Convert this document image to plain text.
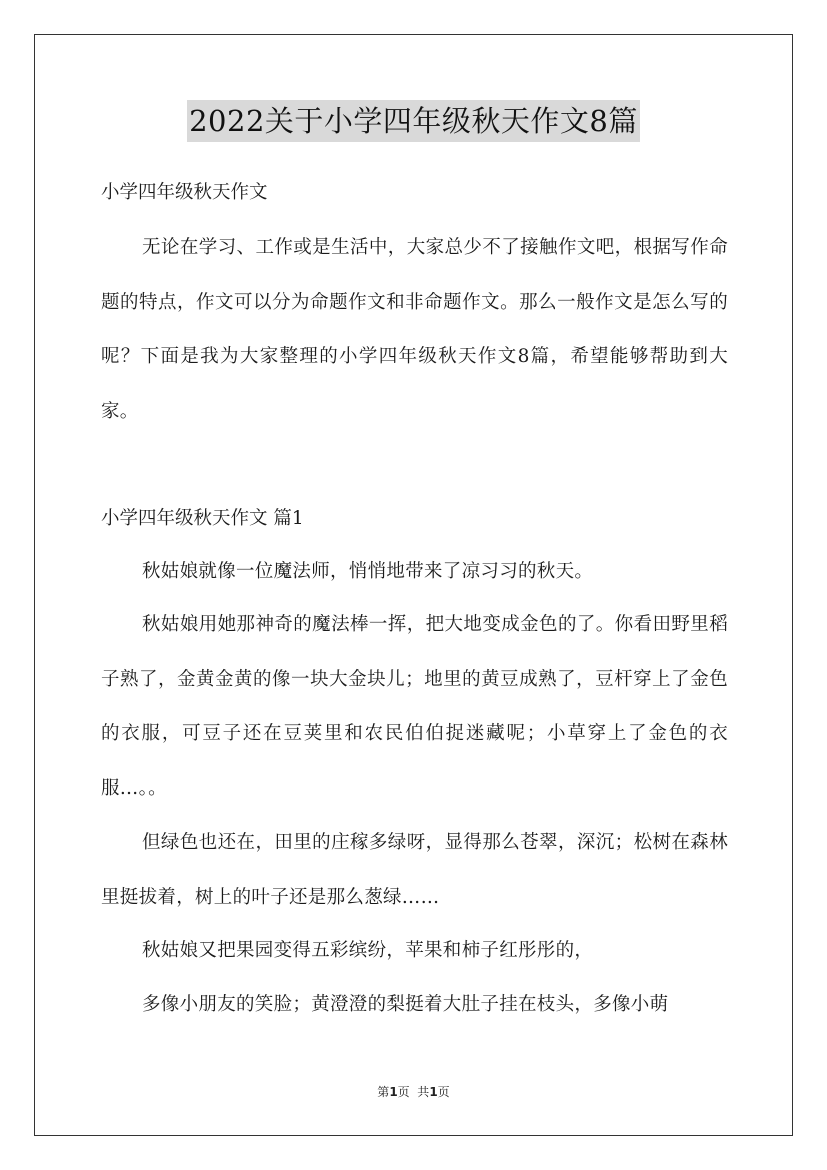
2022关于小学四年级秋天作文8篇

小学四年级秋天作文

无论在学习、工作或是生活中，大家总少不了接触作文吧，根据写作命题的特点，作文可以分为命题作文和非命题作文。那么一般作文是怎么写的呢？下面是我为大家整理的小学四年级秋天作文8篇，希望能够帮助到大家。

小学四年级秋天作文 篇1

秋姑娘就像一位魔法师，悄悄地带来了凉习习的秋天。

秋姑娘用她那神奇的魔法棒一挥，把大地变成金色的了。你看田野里稻子熟了，金黄金黄的像一块大金块儿；地里的黄豆成熟了，豆杆穿上了金色的衣服，可豆子还在豆荚里和农民伯伯捉迷藏呢；小草穿上了金色的衣服…。。

但绿色也还在，田里的庄稼多绿呀，显得那么苍翠，深沉；松树在森林里挺拔着，树上的叶子还是那么葱绿……

秋姑娘又把果园变得五彩缤纷，苹果和柿子红彤彤的，

多像小朋友的笑脸；黄澄澄的梨挺着大肚子挂在枝头，多像小萌

第1页  共1页
